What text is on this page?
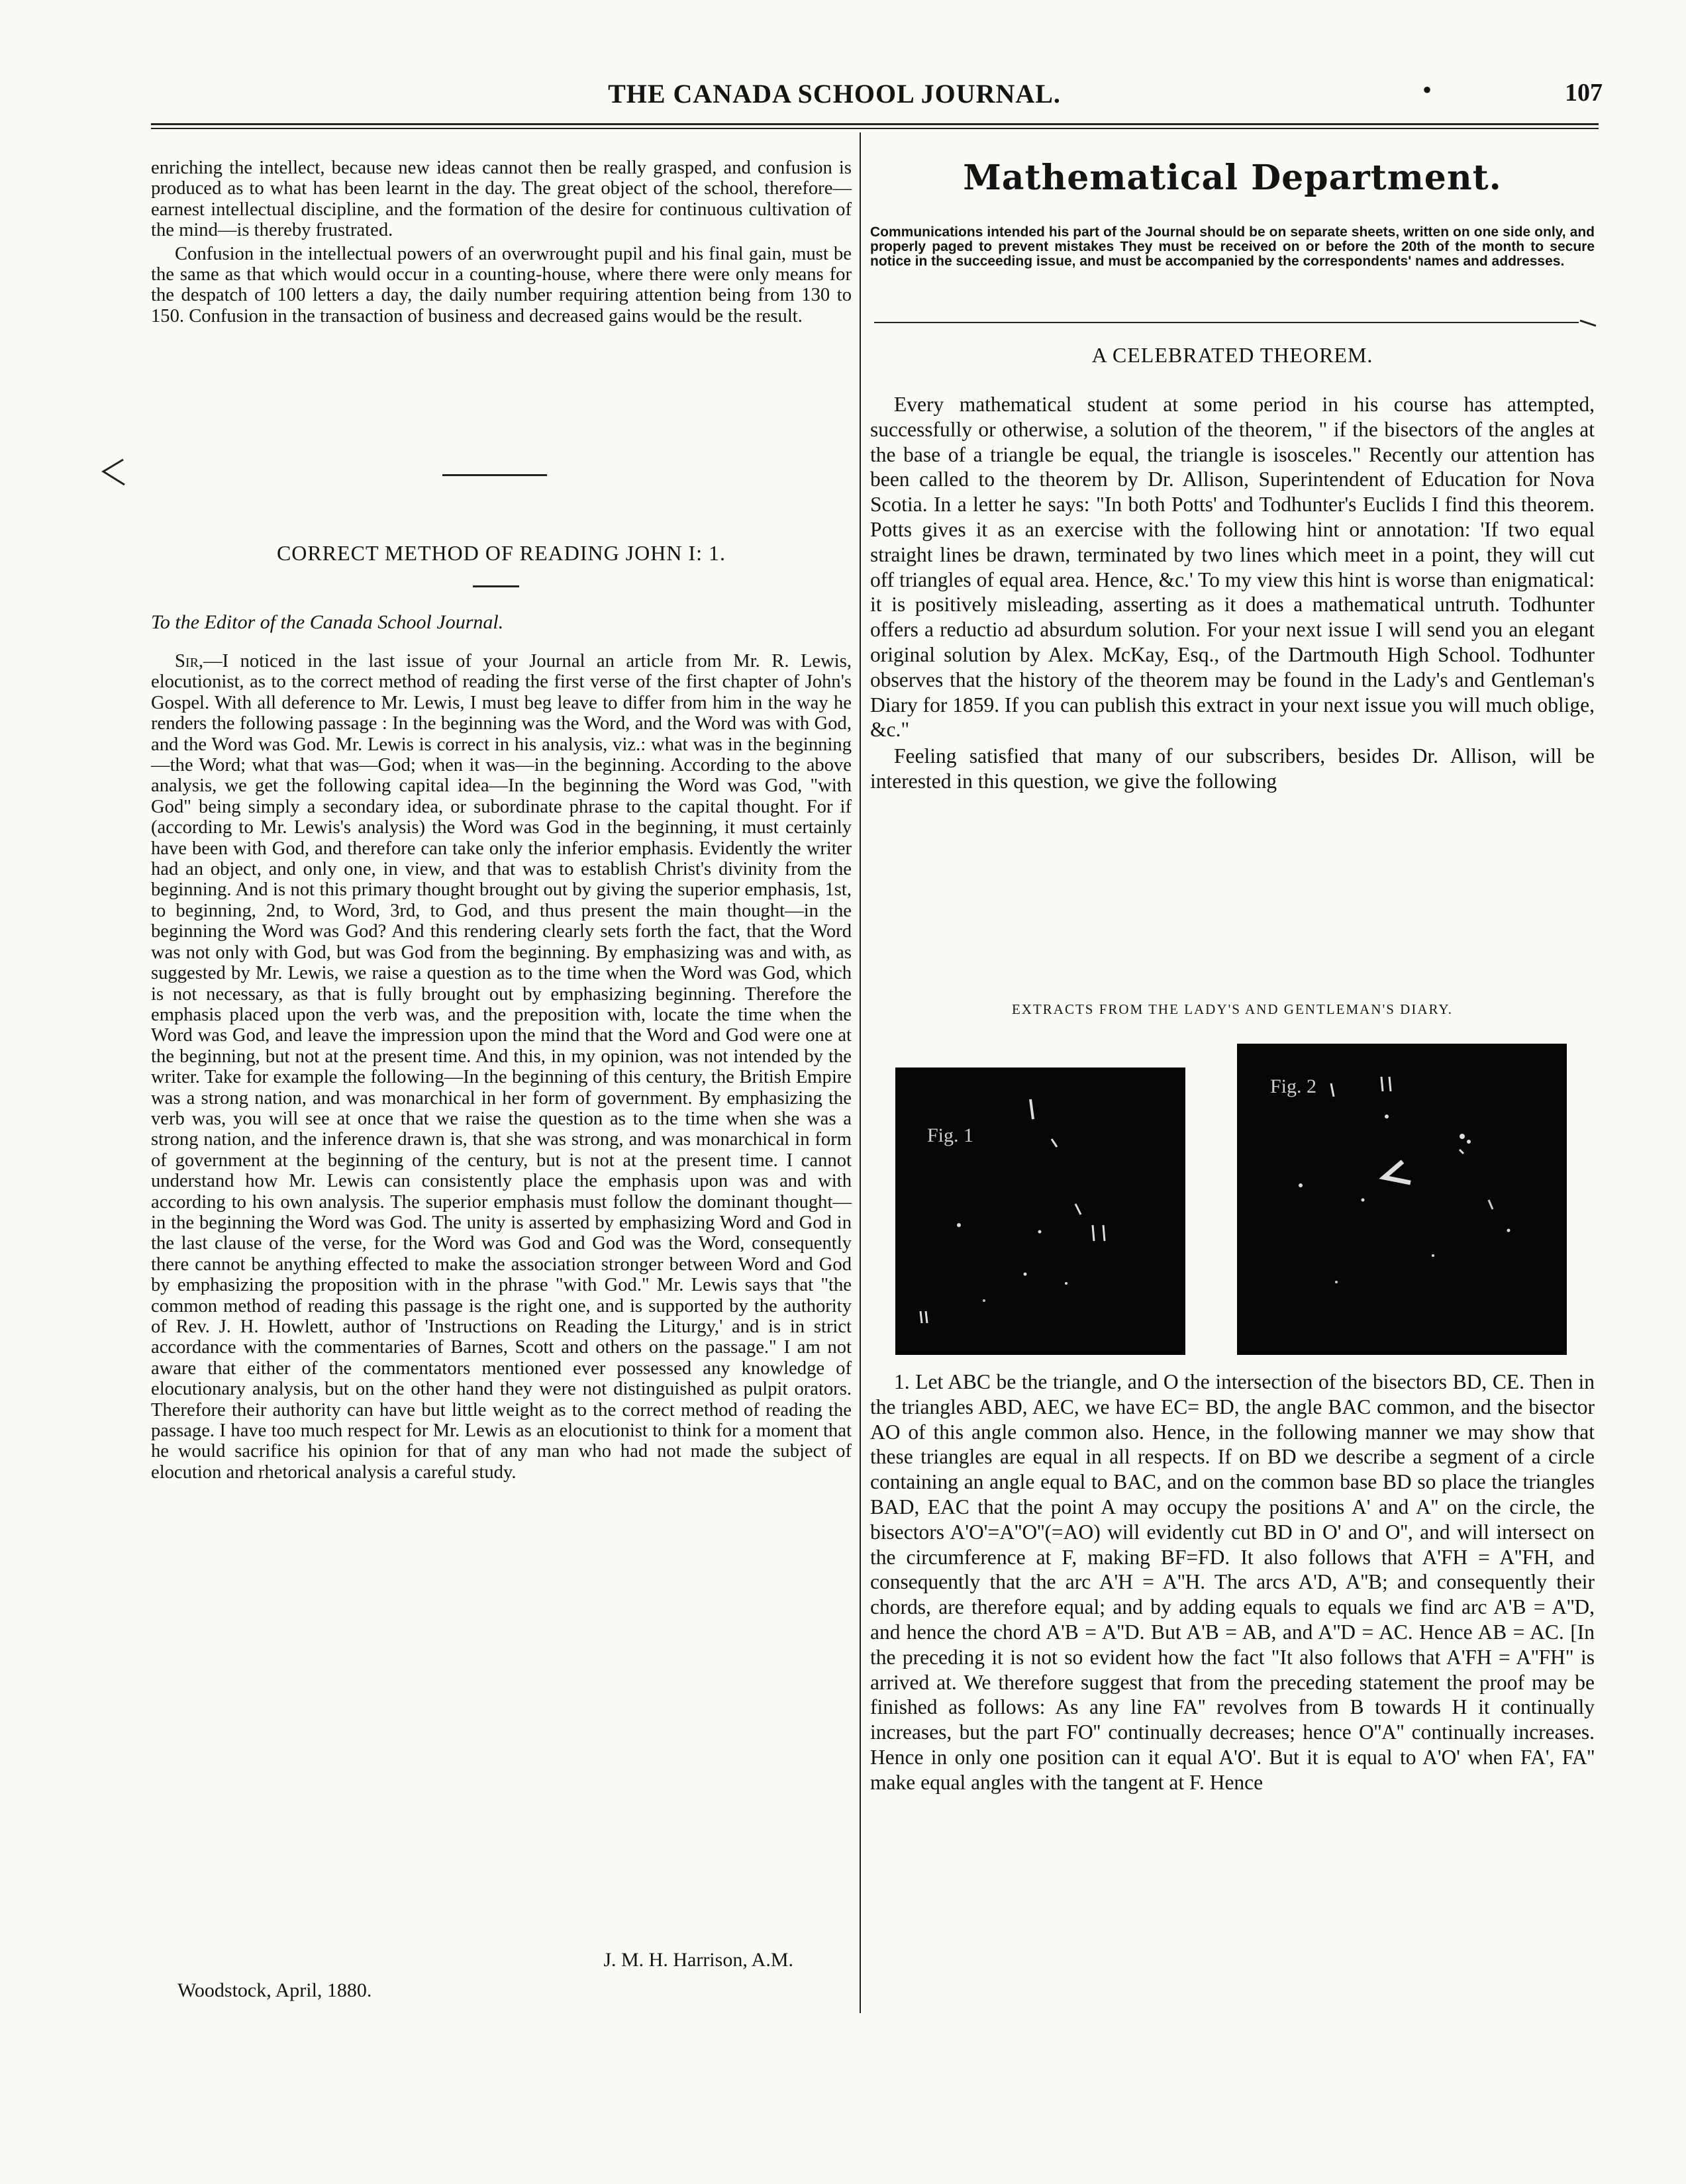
THE CANADA SCHOOL JOURNAL.	•	107

enriching the intellect, because new ideas cannot then be really grasped, and confusion is produced as to what has been learnt in the day. The great object of the school, therefore—earnest intellectual discipline, and the formation of the desire for continuous cultivation of the mind—is thereby frustrated.

Confusion in the intellectual powers of an overwrought pupil and his final gain, must be the same as that which would occur in a counting-house, where there were only means for the despatch of 100 letters a day, the daily number requiring attention being from 130 to 150. Confusion in the transaction of business and decreased gains would be the result.

CORRECT METHOD OF READING JOHN I: 1.
To the Editor of the Canada School Journal.

Sir,—I noticed in the last issue of your Journal an article from Mr. R. Lewis, elocutionist, as to the correct method of reading the first verse of the first chapter of John's Gospel. With all deference to Mr. Lewis, I must beg leave to differ from him in the way he renders the following passage : In the beginning was the Word, and the Word was with God, and the Word was God. Mr. Lewis is correct in his analysis, viz.: what was in the beginning—the Word; what that was—God; when it was—in the beginning. According to the above analysis, we get the following capital idea—In the beginning the Word was God, "with God" being simply a secondary idea, or subordinate phrase to the capital thought. For if (according to Mr. Lewis's analysis) the Word was God in the beginning, it must certainly have been with God, and therefore can take only the inferior emphasis. Evidently the writer had an object, and only one, in view, and that was to establish Christ's divinity from the beginning. And is not this primary thought brought out by giving the superior emphasis, 1st, to beginning, 2nd, to Word, 3rd, to God, and thus present the main thought—in the beginning the Word was God? And this rendering clearly sets forth the fact, that the Word was not only with God, but was God from the beginning. By emphasizing was and with, as suggested by Mr. Lewis, we raise a question as to the time when the Word was God, which is not necessary, as that is fully brought out by emphasizing beginning. Therefore the emphasis placed upon the verb was, and the preposition with, locate the time when the Word was God, and leave the impression upon the mind that the Word and God were one at the beginning, but not at the present time. And this, in my opinion, was not intended by the writer. Take for example the following—In the beginning of this century, the British Empire was a strong nation, and was monarchical in her form of government. By emphasizing the verb was, you will see at once that we raise the question as to the time when she was a strong nation, and the inference drawn is, that she was strong, and was monarchical in form of government at the beginning of the century, but is not at the present time. I cannot understand how Mr. Lewis can consistently place the emphasis upon was and with according to his own analysis. The superior emphasis must follow the dominant thought—in the beginning the Word was God. The unity is asserted by emphasizing Word and God in the last clause of the verse, for the Word was God and God was the Word, consequently there cannot be anything effected to make the association stronger between Word and God by emphasizing the proposition with in the phrase "with God." Mr. Lewis says that "the common method of reading this passage is the right one, and is supported by the authority of Rev. J. H. Howlett, author of 'Instructions on Reading the Liturgy,' and is in strict accordance with the commentaries of Barnes, Scott and others on the passage." I am not aware that either of the commentators mentioned ever possessed any knowledge of elocutionary analysis, but on the other hand they were not distinguished as pulpit orators. Therefore their authority can have but little weight as to the correct method of reading the passage. I have too much respect for Mr. Lewis as an elocutionist to think for a moment that he would sacrifice his opinion for that of any man who had not made the subject of elocution and rhetorical analysis a careful study.

J. M. H. Harrison, A.M.
Woodstock, April, 1880.
Mathematical Department.

Communications intended his part of the Journal should be on separate sheets, written on one side only, and properly paged to prevent mistakes They must be received on or before the 20th of the month to secure notice in the succeeding issue, and must be accompanied by the correspondents' names and addresses.

A CELEBRATED THEOREM.

Every mathematical student at some period in his course has attempted, successfully or otherwise, a solution of the theorem, " if the bisectors of the angles at the base of a triangle be equal, the triangle is isosceles." Recently our attention has been called to the theorem by Dr. Allison, Superintendent of Education for Nova Scotia. In a letter he says: "In both Potts' and Todhunter's Euclids I find this theorem. Potts gives it as an exercise with the following hint or annotation: 'If two equal straight lines be drawn, terminated by two lines which meet in a point, they will cut off triangles of equal area. Hence, &c.' To my view this hint is worse than enigmatical: it is positively misleading, asserting as it does a mathematical untruth. Todhunter offers a reductio ad absurdum solution. For your next issue I will send you an elegant original solution by Alex. McKay, Esq., of the Dartmouth High School. Todhunter observes that the history of the theorem may be found in the Lady's and Gentleman's Diary for 1859. If you can publish this extract in your next issue you will much oblige, &c."

Feeling satisfied that many of our subscribers, besides Dr. Allison, will be interested in this question, we give the following

EXTRACTS FROM THE LADY'S AND GENTLEMAN'S DIARY.
Fig. 1
Fig. 2

1. Let ABC be the triangle, and O the intersection of the bisectors BD, CE. Then in the triangles ABD, AEC, we have EC= BD, the angle BAC common, and the bisector AO of this angle common also. Hence, in the following manner we may show that these triangles are equal in all respects. If on BD we describe a segment of a circle containing an angle equal to BAC, and on the common base BD so place the triangles BAD, EAC that the point A may occupy the positions A' and A'' on the circle, the bisectors A'O'=A''O''(=AO) will evidently cut BD in O' and O'', and will intersect on the circumference at F, making BF=FD. It also follows that A'FH = A''FH, and consequently that the arc A'H = A''H. The arcs A'D, A''B; and consequently their chords, are therefore equal; and by adding equals to equals we find arc A'B = A''D, and hence the chord A'B = A''D. But A'B = AB, and A''D = AC. Hence AB = AC. [In the preceding it is not so evident how the fact "It also follows that A'FH = A''FH" is arrived at. We therefore suggest that from the preceding statement the proof may be finished as follows: As any line FA'' revolves from B towards H it continually increases, but the part FO'' continually decreases; hence O''A'' continually increases. Hence in only one position can it equal A'O'. But it is equal to A'O' when FA', FA'' make equal angles with the tangent at F. Hence
